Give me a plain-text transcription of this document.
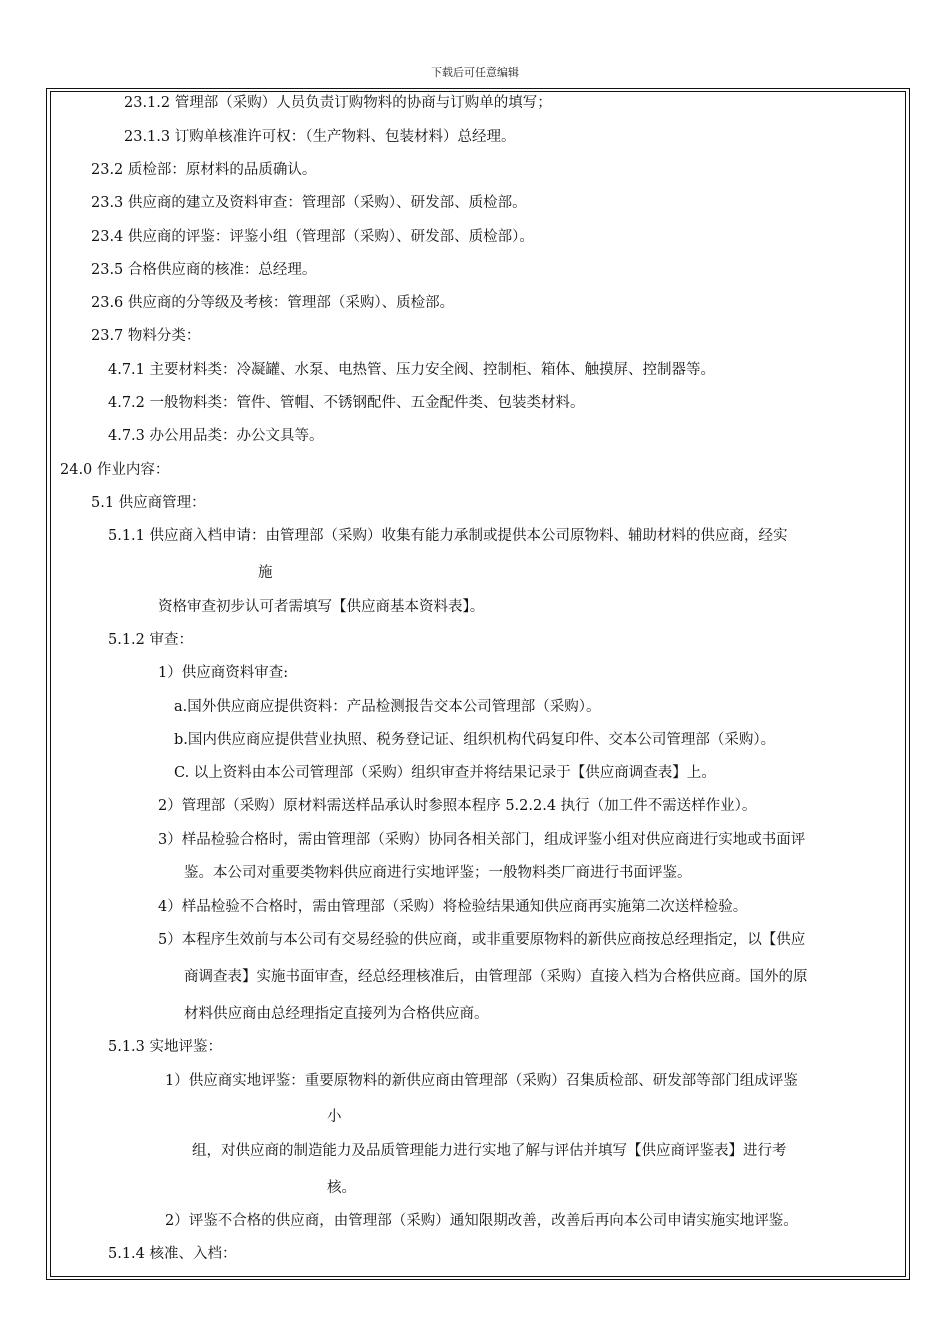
下载后可任意编辑
23.1.2 管理部（采购）人员负责订购物料的协商与订购单的填写；
23.1.3 订购单核准许可权：（生产物料、包装材料）总经理。
23.2 质检部：原材料的品质确认。
23.3 供应商的建立及资料审查：管理部（采购）、研发部、质检部。
23.4 供应商的评鉴：评鉴小组（管理部（采购）、研发部、质检部）。
23.5 合格供应商的核准：总经理。
23.6 供应商的分等级及考核：管理部（采购）、质检部。
23.7 物料分类：
4.7.1 主要材料类：冷凝罐、水泵、电热管、压力安全阀、控制柜、箱体、触摸屏、控制器等。
4.7.2 一般物料类：管件、管帽、不锈钢配件、五金配件类、包装类材料。
4.7.3 办公用品类：办公文具等。
24.0 作业内容：
5.1 供应商管理：
5.1.1 供应商入档申请：由管理部（采购）收集有能力承制或提供本公司原物料、辅助材料的供应商，经实
施
资格审查初步认可者需填写【供应商基本资料表】。
5.1.2 审查：
1）供应商资料审查:
a.国外供应商应提供资料：产品检测报告交本公司管理部（采购）。
b.国内供应商应提供营业执照、税务登记证、组织机构代码复印件、交本公司管理部（采购）。
C. 以上资料由本公司管理部（采购）组织审查并将结果记录于【供应商调查表】上。
2）管理部（采购）原材料需送样品承认时参照本程序 5.2.2.4 执行（加工件不需送样作业）。
3）样品检验合格时，需由管理部（采购）协同各相关部门，组成评鉴小组对供应商进行实地或书面评
鉴。本公司对重要类物料供应商进行实地评鉴；一般物料类厂商进行书面评鉴。
4）样品检验不合格时，需由管理部（采购）将检验结果通知供应商再实施第二次送样检验。
5）本程序生效前与本公司有交易经验的供应商，或非重要原物料的新供应商按总经理指定，以【供应
商调查表】实施书面审查，经总经理核准后，由管理部（采购）直接入档为合格供应商。国外的原
材料供应商由总经理指定直接列为合格供应商。
5.1.3 实地评鉴：
1）供应商实地评鉴：重要原物料的新供应商由管理部（采购）召集质检部、研发部等部门组成评鉴
小
组，对供应商的制造能力及品质管理能力进行实地了解与评估并填写【供应商评鉴表】进行考
核。
2）评鉴不合格的供应商，由管理部（采购）通知限期改善，改善后再向本公司申请实施实地评鉴。
5.1.4 核准、入档：
